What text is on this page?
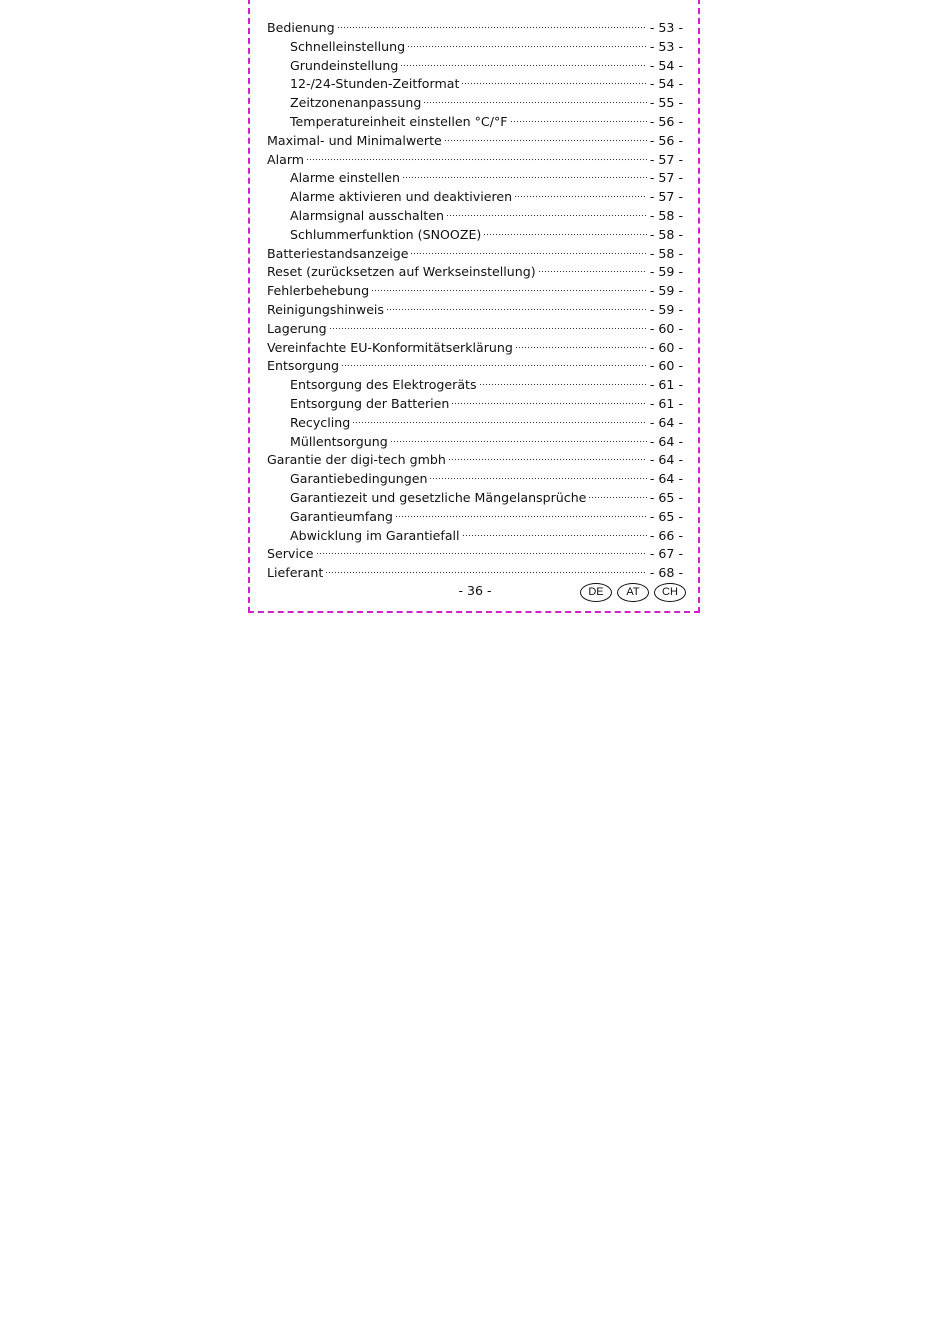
Bedienung	- 53 -
Schnelleinstellung	- 53 -
Grundeinstellung	- 54 -
12-/24-Stunden-Zeitformat	- 54 -
Zeitzonenanpassung	- 55 -
Temperatureinheit einstellen °C/°F	- 56 -
Maximal- und Minimalwerte	- 56 -
Alarm	- 57 -
Alarme einstellen	- 57 -
Alarme aktivieren und deaktivieren	- 57 -
Alarmsignal ausschalten	- 58 -
Schlummerfunktion (SNOOZE)	- 58 -
Batteriestandsanzeige	- 58 -
Reset (zurücksetzen auf Werkseinstellung)	- 59 -
Fehlerbehebung	- 59 -
Reinigungshinweis	- 59 -
Lagerung	- 60 -
Vereinfachte EU-Konformitätserklärung	- 60 -
Entsorgung	- 60 -
Entsorgung des Elektrogeräts	- 61 -
Entsorgung der Batterien	- 61 -
Recycling	- 64 -
Müllentsorgung	- 64 -
Garantie der digi-tech gmbh	- 64 -
Garantiebedingungen	- 64 -
Garantiezeit und gesetzliche Mängelansprüche	- 65 -
Garantieumfang	- 65 -
Abwicklung im Garantiefall	- 66 -
Service	- 67 -
Lieferant	- 68 -
- 36 -	DE	AT	CH
